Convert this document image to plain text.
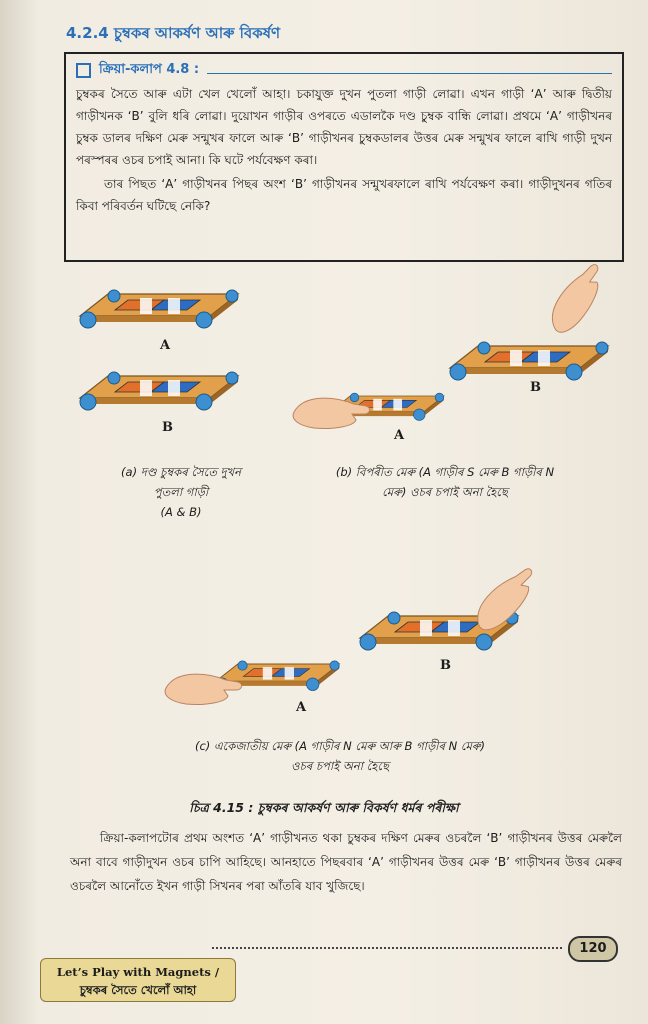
4.2.4 চুম্বকৰ আকৰ্ষণ আৰু বিকৰ্ষণ
ক্ৰিয়া-কলাপ 4.8 :

চুম্বকৰ সৈতে আৰু এটা খেল খেলোঁ আহা। চকাযুক্ত দুখন পুতলা গাড়ী লোৱা। এখন গাড়ী ‘A’ আৰু দ্বিতীয় গাড়ীখনক ‘B’ বুলি ধৰি লোৱা। দুয়োখন গাড়ীৰ ওপৰতে এডালকৈ দণ্ড চুম্বক বান্ধি লোৱা। প্ৰথমে ‘A’ গাড়ীখনৰ চুম্বক ডালৰ দক্ষিণ মেৰু সন্মুখৰ ফালে আৰু ‘B’ গাড়ীখনৰ চুম্বকডালৰ উত্তৰ মেৰু সন্মুখৰ ফালে ৰাখি গাড়ী দুখন পৰস্পৰৰ ওচৰ চপাই আনা। কি ঘটে পৰ্যবেক্ষণ কৰা।

তাৰ পিছত ‘A’ গাড়ীখনৰ পিছৰ অংশ ‘B’ গাড়ীখনৰ সন্মুখৰফালে ৰাখি পৰ্যবেক্ষণ কৰা। গাড়ীদুখনৰ গতিৰ কিবা পৰিবৰ্তন ঘটিছে নেকি?

A
B
B
A
B
A
(a) দণ্ড চুম্বকৰ সৈতে দুখন
পুতলা গাড়ী
(A & B)
(b) বিপৰীত মেৰু (A গাড়ীৰ S মেৰু B গাড়ীৰ N
মেৰু) ওচৰ চপাই অনা হৈছে
(c) একেজাতীয় মেৰু (A গাড়ীৰ N মেৰু আৰু B গাড়ীৰ N মেৰু)
ওচৰ চপাই অনা হৈছে
চিত্ৰ 4.15 : চুম্বকৰ আকৰ্ষণ আৰু বিকৰ্ষণ ধৰ্মৰ পৰীক্ষা
ক্ৰিয়া-কলাপটোৰ প্ৰথম অংশত ‘A’ গাড়ীখনত থকা চুম্বকৰ দক্ষিণ মেৰুৰ ওচৰলৈ ‘B’ গাড়ীখনৰ উত্তৰ মেৰুলৈ অনা বাবে গাড়ীদুখন ওচৰ চাপি আহিছে। আনহাতে পিছৰবাৰ ‘A’ গাড়ীখনৰ উত্তৰ মেৰু ‘B’ গাড়ীখনৰ উত্তৰ মেৰুৰ ওচৰলৈ আনোঁতে ইখন গাড়ী সিখনৰ পৰা আঁতৰি যাব খুজিছে।
120
Let’s Play with Magnets /
চুম্বকৰ সৈতে খেলোঁ আহা
